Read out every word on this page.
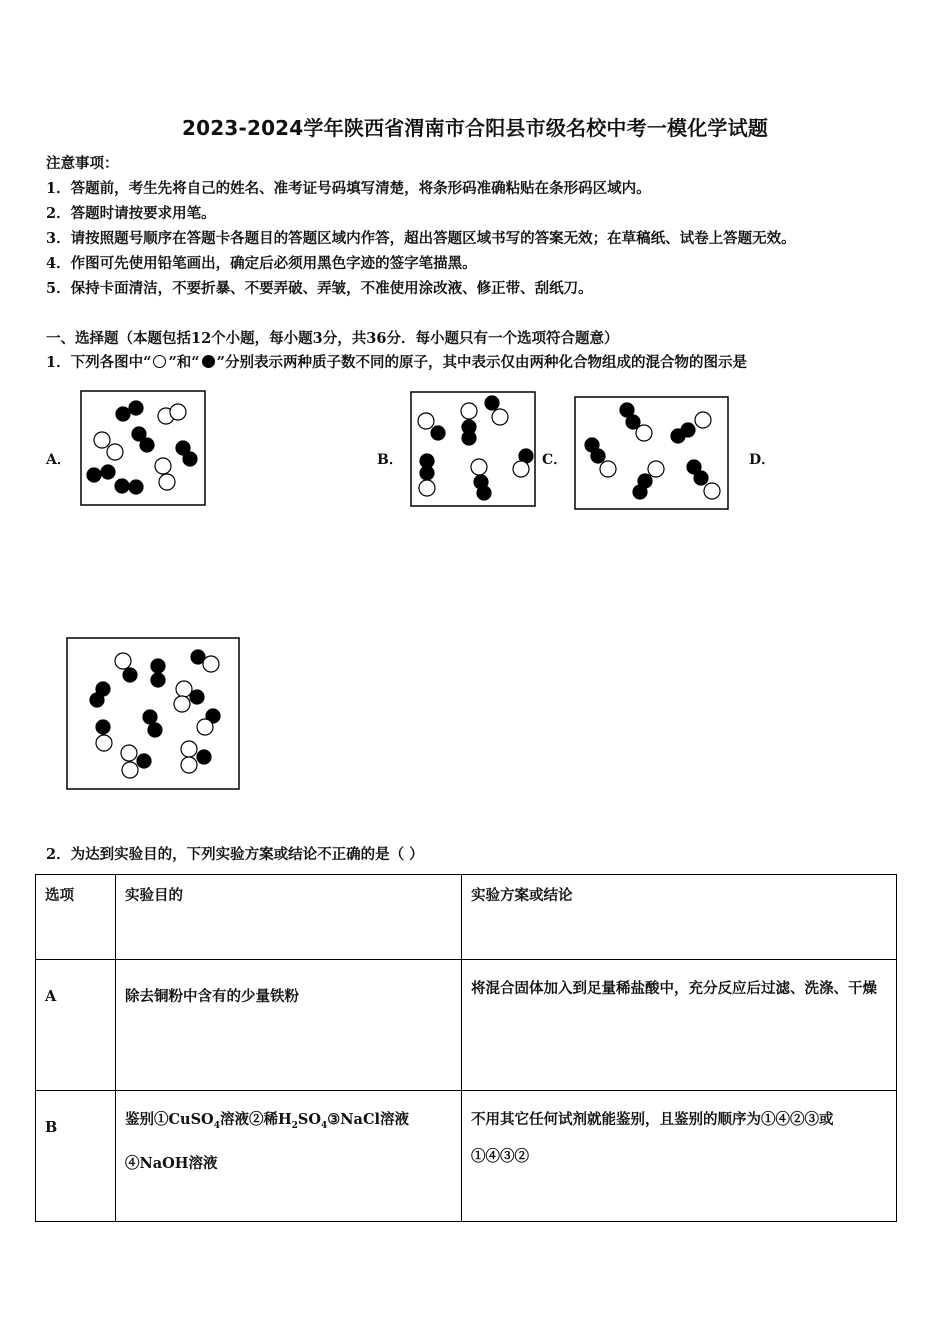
2023-2024学年陕西省渭南市合阳县市级名校中考一模化学试题
注意事项：
1．答题前，考生先将自己的姓名、准考证号码填写清楚，将条形码准确粘贴在条形码区域内。
2．答题时请按要求用笔。
3．请按照题号顺序在答题卡各题目的答题区域内作答，超出答题区域书写的答案无效；在草稿纸、试卷上答题无效。
4．作图可先使用铅笔画出，确定后必须用黑色字迹的签字笔描黑。
5．保持卡面清洁，不要折暴、不要弄破、弄皱，不准使用涂改液、修正带、刮纸刀。
一、选择题（本题包括12个小题，每小题3分，共36分．每小题只有一个选项符合题意）
1．下列各图中“ ”和“ ”分别表示两种质子数不同的原子，其中表示仅由两种化合物组成的混合物的图示是
A．	B．	C．	D．
2．为达到实验目的，下列实验方案或结论不正确的是（ ）
选项	实验目的	实验方案或结论
A	除去铜粉中含有的少量铁粉	将混合固体加入到足量稀盐酸中，充分反应后过滤、洗涤、干燥
B	鉴别①CuSO$_4$溶液②稀$H_2SO_4③NaCl$溶液④NaOH溶液	不用其它任何试剂就能鉴别，且鉴别的顺序为①④②③或①④③②
